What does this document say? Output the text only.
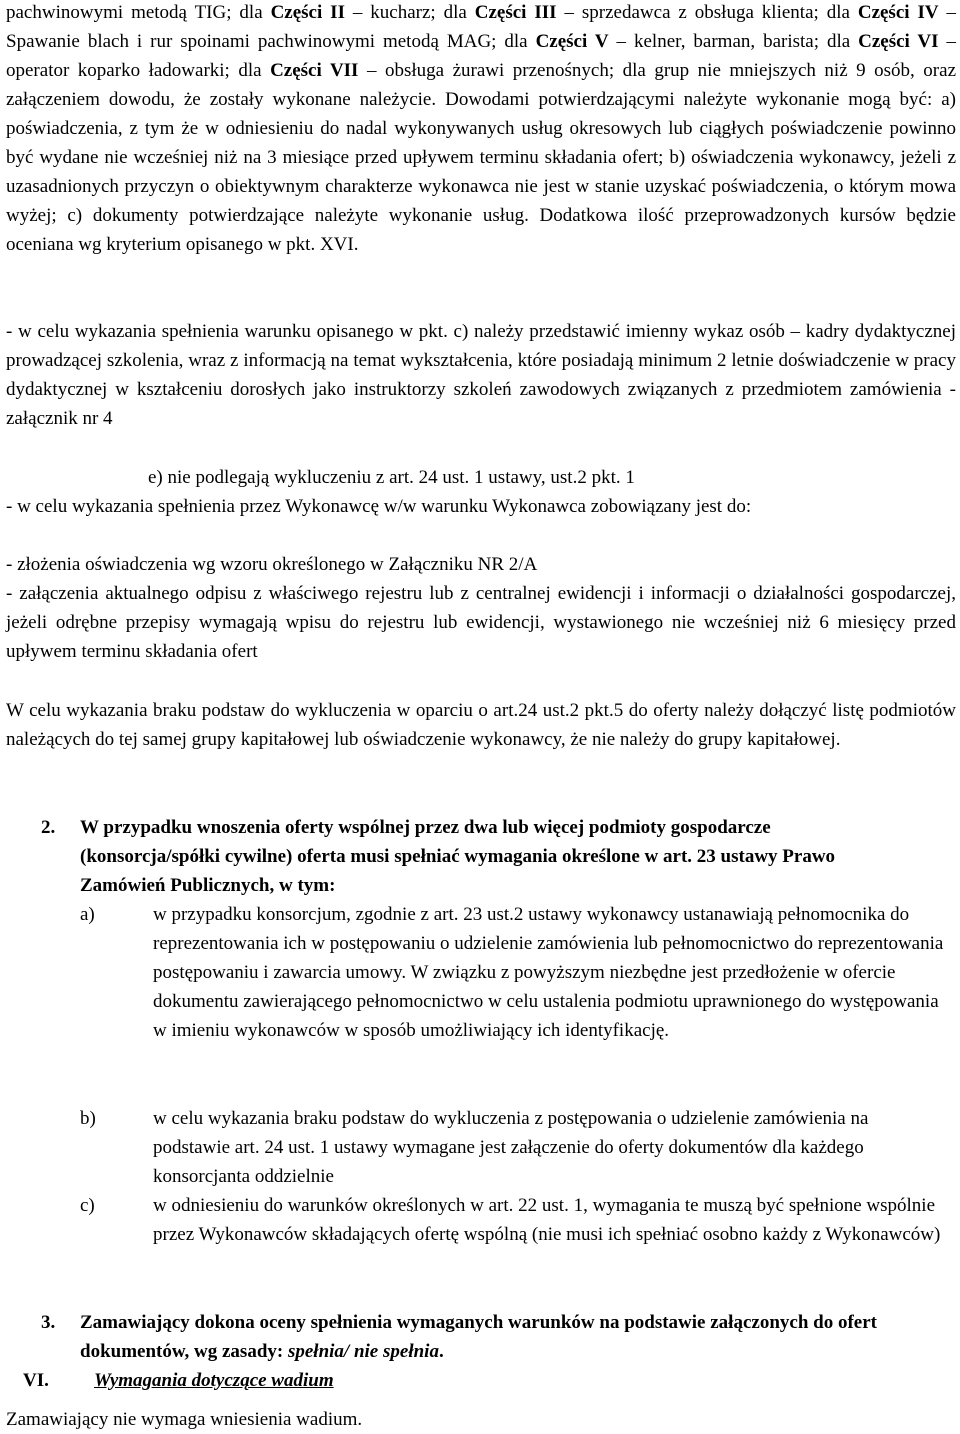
pachwinowymi metodą TIG; dla Części II – kucharz; dla Części III – sprzedawca z obsługa klienta; dla Części IV – Spawanie blach i rur spoinami pachwinowymi metodą MAG; dla Części V – kelner, barman, barista; dla Części VI – operator koparko ładowarki; dla Części VII – obsługa żurawi przenośnych; dla grup nie mniejszych niż 9 osób, oraz załączeniem dowodu, że zostały wykonane należycie. Dowodami potwierdzającymi należyte wykonanie mogą być: a) poświadczenia, z tym że w odniesieniu do nadal wykonywanych usług okresowych lub ciągłych poświadczenie powinno być wydane nie wcześniej niż na 3 miesiące przed upływem terminu składania ofert; b) oświadczenia wykonawcy, jeżeli z uzasadnionych przyczyn o obiektywnym charakterze wykonawca nie jest w stanie uzyskać poświadczenia, o którym mowa wyżej; c) dokumenty potwierdzające należyte wykonanie usług. Dodatkowa ilość przeprowadzonych kursów będzie oceniana wg kryterium opisanego w pkt. XVI.

- w celu wykazania spełnienia warunku opisanego w pkt. c) należy przedstawić imienny wykaz osób – kadry dydaktycznej prowadzącej szkolenia, wraz z informacją na temat wykształcenia, które posiadają minimum 2 letnie doświadczenie w pracy dydaktycznej w kształceniu dorosłych jako instruktorzy szkoleń zawodowych związanych z przedmiotem zamówienia - załącznik nr 4

e) nie podlegają wykluczeniu z art. 24 ust. 1 ustawy, ust.2 pkt. 1

- w celu wykazania spełnienia przez Wykonawcę w/w warunku Wykonawca zobowiązany jest do:

- złożenia oświadczenia wg wzoru określonego w Załączniku NR 2/A

- załączenia aktualnego odpisu z właściwego rejestru lub z centralnej ewidencji i informacji o działalności gospodarczej, jeżeli odrębne przepisy wymagają wpisu do rejestru lub ewidencji, wystawionego nie wcześniej niż 6 miesięcy przed upływem terminu składania ofert

W celu wykazania braku podstaw do wykluczenia w oparciu o art.24 ust.2 pkt.5 do oferty należy dołączyć listę podmiotów należących do tej samej grupy kapitałowej lub oświadczenie wykonawcy, że nie należy do grupy kapitałowej.

2. W przypadku wnoszenia oferty wspólnej przez dwa lub więcej podmioty gospodarcze (konsorcja/spółki cywilne) oferta musi spełniać wymagania określone w art. 23 ustawy Prawo Zamówień Publicznych, w tym:

a)	w przypadku konsorcjum, zgodnie z art. 23 ust.2 ustawy wykonawcy ustanawiają pełnomocnika do reprezentowania ich w postępowaniu o udzielenie zamówienia lub pełnomocnictwo do reprezentowania postępowaniu i zawarcia umowy. W związku z powyższym niezbędne jest przedłożenie w ofercie dokumentu zawierającego pełnomocnictwo w celu ustalenia podmiotu uprawnionego do występowania w imieniu wykonawców w sposób umożliwiający ich identyfikację.

b)	w celu wykazania braku podstaw do wykluczenia z postępowania o udzielenie zamówienia na podstawie art. 24 ust. 1 ustawy wymagane jest załączenie do oferty dokumentów dla każdego konsorcjanta oddzielnie

c)	w odniesieniu do warunków określonych w art. 22 ust. 1, wymagania te muszą być spełnione wspólnie przez Wykonawców składających ofertę wspólną (nie musi ich spełniać osobno każdy z Wykonawców)

3. Zamawiający dokona oceny spełnienia wymaganych warunków na podstawie załączonych do ofert dokumentów, wg zasady: spełnia/ nie spełnia.

VI. Wymagania dotyczące wadium

Zamawiający nie wymaga wniesienia wadium.
